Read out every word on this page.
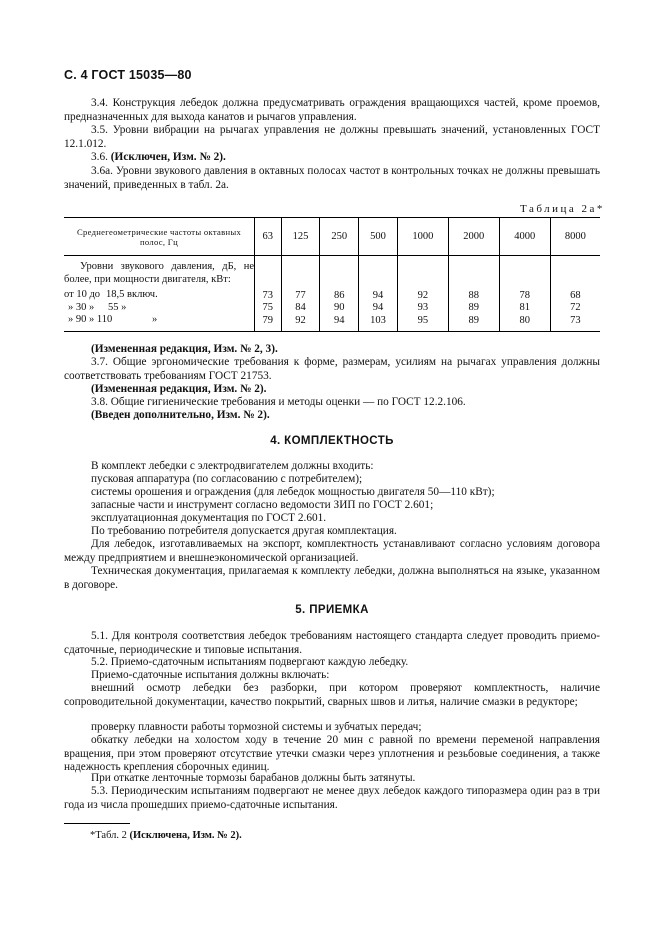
С. 4 ГОСТ 15035—80

3.4. Конструкция лебедок должна предусматривать ограждения вращающихся частей, кроме проемов, предназначенных для выхода канатов и рычагов управления.

3.5. Уровни вибрации на рычагах управления не должны превышать значений, установленных ГОСТ 12.1.012.

3.6. (Исключен, Изм. № 2).

3.6а. Уровни звукового давления в октавных полосах частот в контрольных точках не должны превышать значений, приведенных в табл. 2а.

Таблица 2а*
Среднегеометрические частоты октавных полос, Гц	63	125	250	500	1000	2000	4000	8000

Уровни звукового давления, дБ, не более, при мощности двигателя, кВт:								

от 10 до 18,5 включ.	73	77	86	94	92	88	78	68
» 30 » 55 »	75	84	90	94	93	89	81	72
» 90 » 110 »	79	92	94	103	95	89	80	73

(Измененная редакция, Изм. № 2, 3).

3.7. Общие эргономические требования к форме, размерам, усилиям на рычагах управления должны соответствовать требованиям ГОСТ 21753.

(Измененная редакция, Изм. № 2).

3.8. Общие гигиенические требования и методы оценки — по ГОСТ 12.2.106.

(Введен дополнительно, Изм. № 2).

4. КОМПЛЕКТНОСТЬ

В комплект лебедки с электродвигателем должны входить:

пусковая аппаратура (по согласованию с потребителем);

системы орошения и ограждения (для лебедок мощностью двигателя 50—110 кВт);

запасные части и инструмент согласно ведомости ЗИП по ГОСТ 2.601;

эксплуатационная документация по ГОСТ 2.601.

По требованию потребителя допускается другая комплектация.

Для лебедок, изготавливаемых на экспорт, комплектность устанавливают согласно условиям договора между предприятием и внешнеэкономической организацией.

Техническая документация, прилагаемая к комплекту лебедки, должна выполняться на языке, указанном в договоре.

5. ПРИЕМКА

5.1. Для контроля соответствия лебедок требованиям настоящего стандарта следует проводить приемо-сдаточные, периодические и типовые испытания.

5.2. Приемо-сдаточным испытаниям подвергают каждую лебедку.

Приемо-сдаточные испытания должны включать:

внешний осмотр лебедки без разборки, при котором проверяют комплектность, наличие сопроводительной документации, качество покрытий, сварных швов и литья, наличие смазки в редукторе;

проверку плавности работы тормозной системы и зубчатых передач;

обкатку лебедки на холостом ходу в течение 20 мин с равной по времени переменой направления вращения, при этом проверяют отсутствие утечки смазки через уплотнения и резьбовые соединения, а также надежность крепления сборочных единиц.

При откатке ленточные тормозы барабанов должны быть затянуты.

5.3. Периодическим испытаниям подвергают не менее двух лебедок каждого типоразмера один раз в три года из числа прошедших приемо-сдаточные испытания.

*Табл. 2 (Исключена, Изм. № 2).
